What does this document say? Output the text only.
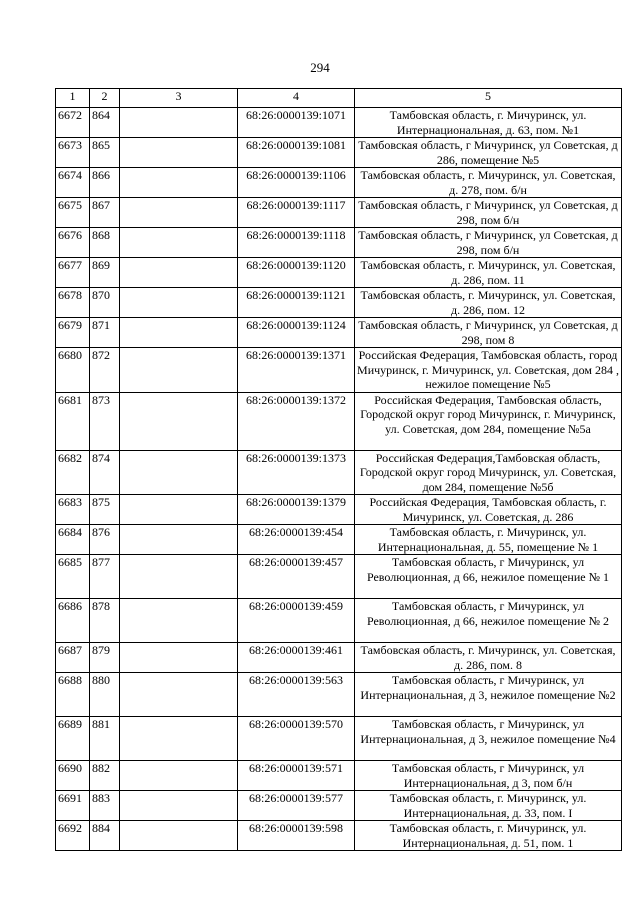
294
1	2	3	4	5
6672	864		68:26:0000139:1071	Тамбовская область, г. Мичуринск, ул. Интернациональная, д. 63, пом. №1
6673	865		68:26:0000139:1081	Тамбовская область, г Мичуринск, ул Советская, д 286, помещение №5
6674	866		68:26:0000139:1106	Тамбовская область, г. Мичуринск, ул. Советская, д. 278, пом. б/н
6675	867		68:26:0000139:1117	Тамбовская область, г Мичуринск, ул Советская, д 298, пом б/н
6676	868		68:26:0000139:1118	Тамбовская область, г Мичуринск, ул Советская, д 298, пом б/н
6677	869		68:26:0000139:1120	Тамбовская область, г. Мичуринск, ул. Советская, д. 286, пом. 11
6678	870		68:26:0000139:1121	Тамбовская область, г. Мичуринск, ул. Советская, д. 286, пом. 12
6679	871		68:26:0000139:1124	Тамбовская область, г Мичуринск, ул Советская, д 298, пом 8
6680	872		68:26:0000139:1371	Российская Федерация, Тамбовская область, город Мичуринск, г. Мичуринск, ул. Советская, дом 284 , нежилое помещение №5
6681	873		68:26:0000139:1372	Российская Федерация, Тамбовская область, Городской округ город Мичуринск, г. Мичуринск, ул. Советская, дом 284, помещение №5а
6682	874		68:26:0000139:1373	Российская Федерация,Тамбовская область, Городской округ город Мичуринск, ул. Советская, дом 284, помещение №5б
6683	875		68:26:0000139:1379	Российская Федерация, Тамбовская область, г. Мичуринск, ул. Советская, д. 286
6684	876		68:26:0000139:454	Тамбовская область, г. Мичуринск, ул. Интернациональная, д. 55, помещение № 1
6685	877		68:26:0000139:457	Тамбовская область, г Мичуринск, ул Революционная, д 66, нежилое помещение № 1
6686	878		68:26:0000139:459	Тамбовская область, г Мичуринск, ул Революционная, д 66, нежилое помещение № 2
6687	879		68:26:0000139:461	Тамбовская область, г. Мичуринск, ул. Советская, д. 286, пом. 8
6688	880		68:26:0000139:563	Тамбовская область, г Мичуринск, ул Интернациональная, д 3, нежилое помещение №2
6689	881		68:26:0000139:570	Тамбовская область, г Мичуринск, ул Интернациональная, д 3, нежилое помещение №4
6690	882		68:26:0000139:571	Тамбовская область, г Мичуринск, ул Интернациональная, д 3, пом б/н
6691	883		68:26:0000139:577	Тамбовская область, г. Мичуринск, ул. Интернациональная, д. 33, пом. I
6692	884		68:26:0000139:598	Тамбовская область, г. Мичуринск, ул. Интернациональная, д. 51, пом. 1
